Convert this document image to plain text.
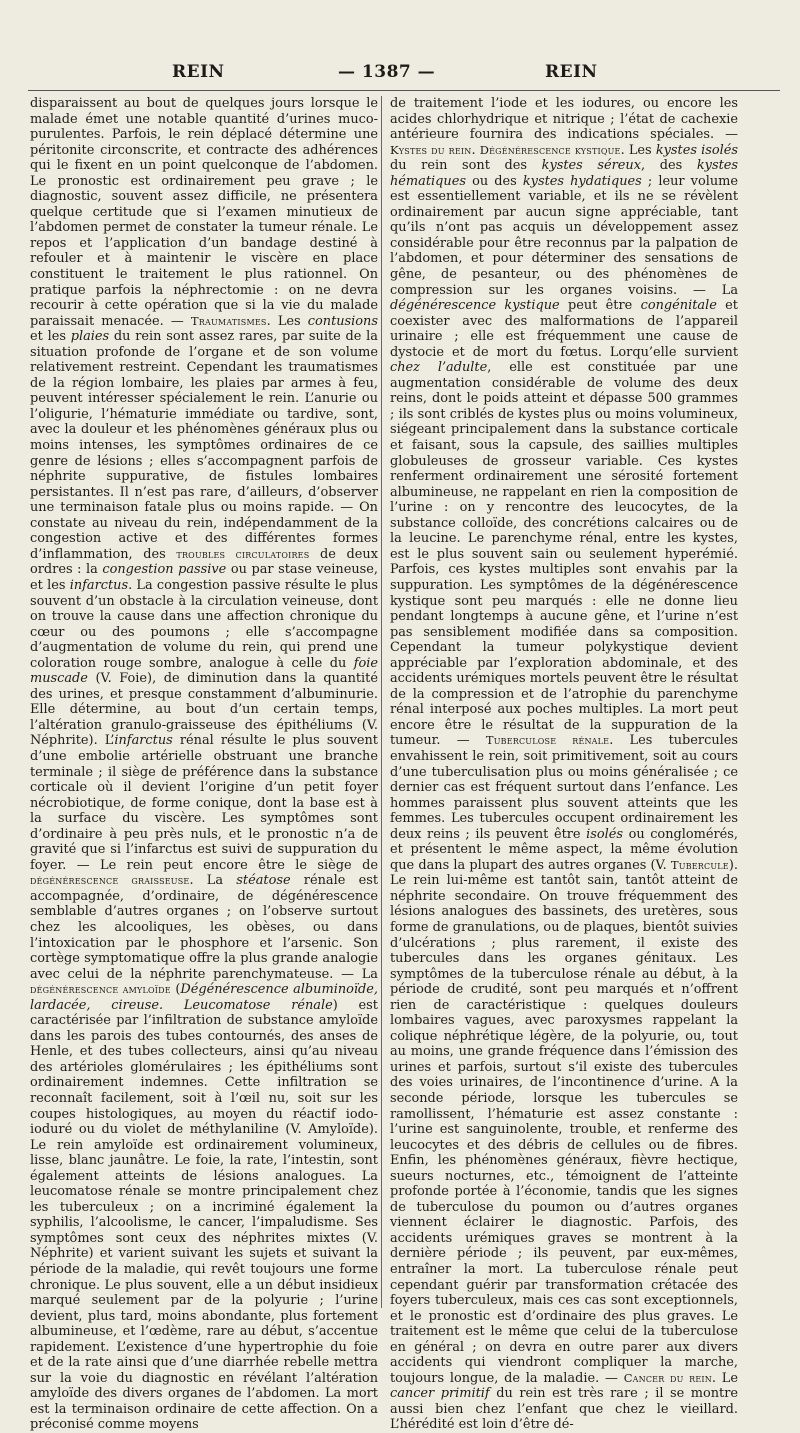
REIN	— 1387 —	REIN

disparaissent au bout de quelques jours lorsque le malade émet une notable quantité d’urines muco-purulentes. Parfois, le rein déplacé détermine une péritonite circonscrite, et contracte des adhérences qui le fixent en un point quelconque de l’abdomen. Le pronostic est ordinairement peu grave ; le diagnostic, souvent assez difficile, ne présentera quelque certitude que si l’examen minutieux de l’abdomen permet de constater la tumeur rénale. Le repos et l’application d’un bandage destiné à refouler et à maintenir le viscère en place constituent le traitement le plus rationnel. On pratique parfois la néphrectomie : on ne devra recourir à cette opération que si la vie du malade paraissait menacée. — Traumatismes. Les contusions et les plaies du rein sont assez rares, par suite de la situation profonde de l’organe et de son volume relativement restreint. Cependant les traumatismes de la région lombaire, les plaies par armes à feu, peuvent intéresser spécialement le rein. L’anurie ou l’oligurie, l’hématurie immédiate ou tardive, sont, avec la douleur et les phénomènes généraux plus ou moins intenses, les symptômes ordinaires de ce genre de lésions ; elles s’accompagnent parfois de néphrite suppurative, de fistules lombaires persistantes. Il n’est pas rare, d’ailleurs, d’observer une terminaison fatale plus ou moins rapide. — On constate au niveau du rein, indépendamment de la congestion active et des différentes formes d’inflammation, des troubles circulatoires de deux ordres : la congestion passive ou par stase veineuse, et les infarctus. La congestion passive résulte le plus souvent d’un obstacle à la circulation veineuse, dont on trouve la cause dans une affection chronique du cœur ou des poumons ; elle s’accompagne d’augmentation de volume du rein, qui prend une coloration rouge sombre, analogue à celle du foie muscade (V. Foie), de diminution dans la quantité des urines, et presque constamment d’albuminurie. Elle détermine, au bout d’un certain temps, l’altération granulo-graisseuse des épithéliums (V. Néphrite). L’infarctus rénal résulte le plus souvent d’une embolie artérielle obstruant une branche terminale ; il siège de préférence dans la substance corticale où il devient l’origine d’un petit foyer nécrobiotique, de forme conique, dont la base est à la surface du viscère. Les symptômes sont d’ordinaire à peu près nuls, et le pronostic n’a de gravité que si l’infarctus est suivi de suppuration du foyer. — Le rein peut encore être le siège de dégénérescence graisseuse. La stéatose rénale est accompagnée, d’ordinaire, de dégénérescence semblable d’autres organes ; on l’observe surtout chez les alcooliques, les obèses, ou dans l’intoxication par le phosphore et l’arsenic. Son cortège symptomatique offre la plus grande analogie avec celui de la néphrite parenchymateuse. — La dégénérescence amyloïde (Dégénérescence albuminoïde, lardacée, cireuse. Leucomatose rénale) est caractérisée par l’infiltration de substance amyloïde dans les parois des tubes contournés, des anses de Henle, et des tubes collecteurs, ainsi qu’au niveau des artérioles glomérulaires ; les épithéliums sont ordinairement indemnes. Cette infiltration se reconnaît facilement, soit à l’œil nu, soit sur les coupes histologiques, au moyen du réactif iodo-ioduré ou du violet de méthylaniline (V. Amyloïde). Le rein amyloïde est ordinairement volumineux, lisse, blanc jaunâtre. Le foie, la rate, l’intestin, sont également atteints de lésions analogues. La leucomatose rénale se montre principalement chez les tuberculeux ; on a incriminé également la syphilis, l’alcoolisme, le cancer, l’impaludisme. Ses symptômes sont ceux des néphrites mixtes (V. Néphrite) et varient suivant les sujets et suivant la période de la maladie, qui revêt toujours une forme chronique. Le plus souvent, elle a un début insidieux marqué seulement par de la polyurie ; l’urine devient, plus tard, moins abondante, plus fortement albumineuse, et l’œdème, rare au début, s’accentue rapidement. L’existence d’une hypertrophie du foie et de la rate ainsi que d’une diarrhée rebelle mettra sur la voie du diagnostic en révélant l’altération amyloïde des divers organes de l’abdomen. La mort est la terminaison ordinaire de cette affection. On a préconisé comme moyens

de traitement l’iode et les iodures, ou encore les acides chlorhydrique et nitrique ; l’état de cachexie antérieure fournira des indications spéciales. — Kystes du rein. Dégénérescence kystique. Les kystes isolés du rein sont des kystes séreux, des kystes hématiques ou des kystes hydatiques ; leur volume est essentiellement variable, et ils ne se révèlent ordinairement par aucun signe appréciable, tant qu’ils n’ont pas acquis un développement assez considérable pour être reconnus par la palpation de l’abdomen, et pour déterminer des sensations de gêne, de pesanteur, ou des phénomènes de compression sur les organes voisins. — La dégénérescence kystique peut être congénitale et coexister avec des malformations de l’appareil urinaire ; elle est fréquemment une cause de dystocie et de mort du fœtus. Lorqu’elle survient chez l’adulte, elle est constituée par une augmentation considérable de volume des deux reins, dont le poids atteint et dépasse 500 grammes ; ils sont criblés de kystes plus ou moins volumineux, siégeant principalement dans la substance corticale et faisant, sous la capsule, des saillies multiples globuleuses de grosseur variable. Ces kystes renferment ordinairement une sérosité fortement albumineuse, ne rappelant en rien la composition de l’urine : on y rencontre des leucocytes, de la substance colloïde, des concrétions calcaires ou de la leucine. Le parenchyme rénal, entre les kystes, est le plus souvent sain ou seulement hyperémié. Parfois, ces kystes multiples sont envahis par la suppuration. Les symptômes de la dégénérescence kystique sont peu marqués : elle ne donne lieu pendant longtemps à aucune gêne, et l’urine n’est pas sensiblement modifiée dans sa composition. Cependant la tumeur polykystique devient appréciable par l’exploration abdominale, et des accidents urémiques mortels peuvent être le résultat de la compression et de l’atrophie du parenchyme rénal interposé aux poches multiples. La mort peut encore être le résultat de la suppuration de la tumeur. — Tuberculose rénale. Les tubercules envahissent le rein, soit primitivement, soit au cours d’une tuberculisation plus ou moins généralisée ; ce dernier cas est fréquent surtout dans l’enfance. Les hommes paraissent plus souvent atteints que les femmes. Les tubercules occupent ordinairement les deux reins ; ils peuvent être isolés ou conglomérés, et présentent le même aspect, la même évolution que dans la plupart des autres organes (V. Tubercule). Le rein lui-même est tantôt sain, tantôt atteint de néphrite secondaire. On trouve fréquemment des lésions analogues des bassinets, des uretères, sous forme de granulations, ou de plaques, bientôt suivies d’ulcérations ; plus rarement, il existe des tubercules dans les organes génitaux. Les symptômes de la tuberculose rénale au début, à la période de crudité, sont peu marqués et n’offrent rien de caractéristique : quelques douleurs lombaires vagues, avec paroxysmes rappelant la colique néphrétique légère, de la polyurie, ou, tout au moins, une grande fréquence dans l’émission des urines et parfois, surtout s’il existe des tubercules des voies urinaires, de l’incontinence d’urine. A la seconde période, lorsque les tubercules se ramollissent, l’hématurie est assez constante : l’urine est sanguinolente, trouble, et renferme des leucocytes et des débris de cellules ou de fibres. Enfin, les phénomènes généraux, fièvre hectique, sueurs nocturnes, etc., témoignent de l’atteinte profonde portée à l’économie, tandis que les signes de tuberculose du poumon ou d’autres organes viennent éclairer le diagnostic. Parfois, des accidents urémiques graves se montrent à la dernière période ; ils peuvent, par eux-mêmes, entraîner la mort. La tuberculose rénale peut cependant guérir par transformation crétacée des foyers tuberculeux, mais ces cas sont exceptionnels, et le pronostic est d’ordinaire des plus graves. Le traitement est le même que celui de la tuberculose en général ; on devra en outre parer aux divers accidents qui viendront compliquer la marche, toujours longue, de la maladie. — Cancer du rein. Le cancer primitif du rein est très rare ; il se montre aussi bien chez l’enfant que chez le vieillard. L’hérédité est loin d’être dé-
